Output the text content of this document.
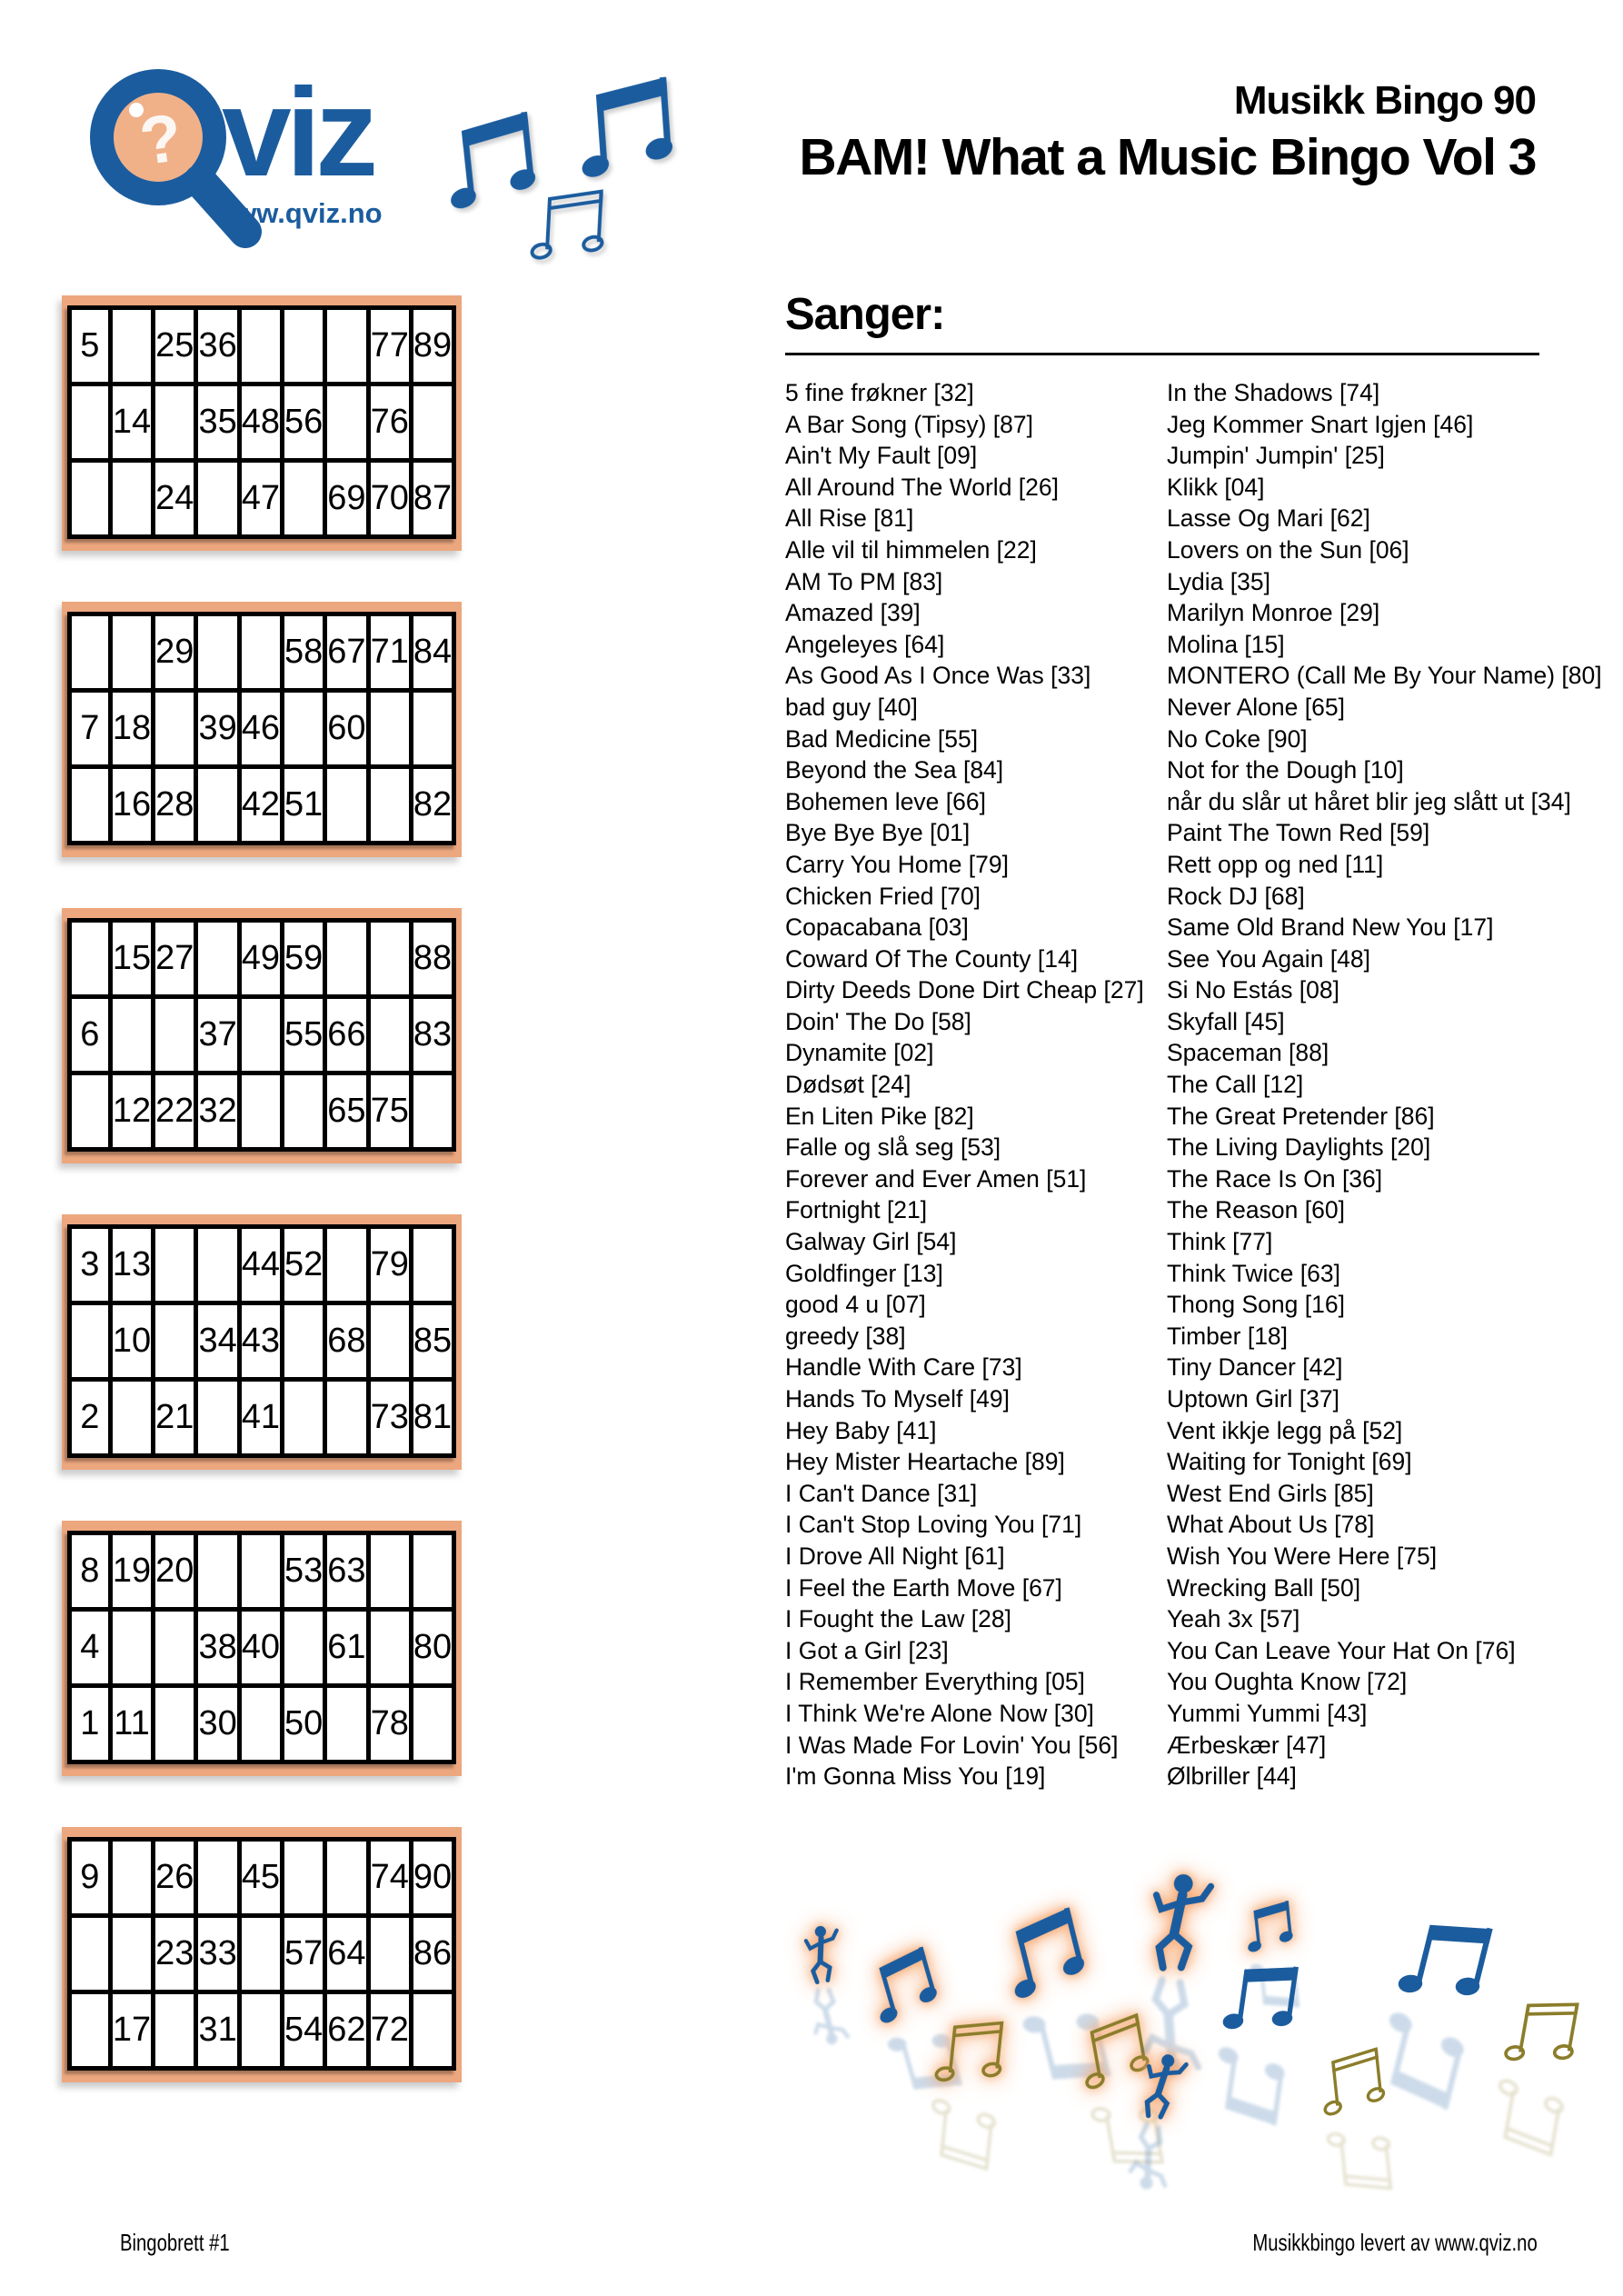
? viz
www.qviz.no
Musikk Bingo 90
BAM! What a Music Bingo Vol 3
5		25	36				77	89
	14		35	48	56		76	
		24		47		69	70	87
		29			58	67	71	84
7	18		39	46		60		
	16	28		42	51			82
	15	27		49	59			88
6			37		55	66		83
	12	22	32			65	75	
3	13			44	52		79	
	10		34	43		68		85
2		21		41			73	81
8	19	20			53	63		
4			38	40		61		80
1	11		30		50		78	
9		26		45			74	90
		23	33		57	64		86
	17		31		54	62	72	
Sanger:
5 fine frøkner [32]
A Bar Song (Tipsy) [87]
Ain't My Fault [09]
All Around The World [26]
All Rise [81]
Alle vil til himmelen [22]
AM To PM [83]
Amazed [39]
Angeleyes [64]
As Good As I Once Was [33]
bad guy [40]
Bad Medicine [55]
Beyond the Sea [84]
Bohemen leve [66]
Bye Bye Bye [01]
Carry You Home [79]
Chicken Fried [70]
Copacabana [03]
Coward Of The County [14]
Dirty Deeds Done Dirt Cheap [27]
Doin' The Do [58]
Dynamite [02]
Dødsøt [24]
En Liten Pike [82]
Falle og slå seg [53]
Forever and Ever Amen [51]
Fortnight [21]
Galway Girl [54]
Goldfinger [13]
good 4 u [07]
greedy [38]
Handle With Care [73]
Hands To Myself [49]
Hey Baby [41]
Hey Mister Heartache [89]
I Can't Dance [31]
I Can't Stop Loving You [71]
I Drove All Night [61]
I Feel the Earth Move [67]
I Fought the Law [28]
I Got a Girl [23]
I Remember Everything [05]
I Think We're Alone Now [30]
I Was Made For Lovin' You [56]
I'm Gonna Miss You [19]
In the Shadows [74]
Jeg Kommer Snart Igjen [46]
Jumpin' Jumpin' [25]
Klikk [04]
Lasse Og Mari [62]
Lovers on the Sun [06]
Lydia [35]
Marilyn Monroe [29]
Molina [15]
MONTERO (Call Me By Your Name) [80]
Never Alone [65]
No Coke [90]
Not for the Dough [10]
når du slår ut håret blir jeg slått ut [34]
Paint The Town Red [59]
Rett opp og ned [11]
Rock DJ [68]
Same Old Brand New You [17]
See You Again [48]
Si No Estás [08]
Skyfall [45]
Spaceman [88]
The Call [12]
The Great Pretender [86]
The Living Daylights [20]
The Race Is On [36]
The Reason [60]
Think [77]
Think Twice [63]
Thong Song [16]
Timber [18]
Tiny Dancer [42]
Uptown Girl [37]
Vent ikkje legg på [52]
Waiting for Tonight [69]
West End Girls [85]
What About Us [78]
Wish You Were Here [75]
Wrecking Ball [50]
Yeah 3x [57]
You Can Leave Your Hat On [76]
You Oughta Know [72]
Yummi Yummi [43]
Ærbeskær [47]
Ølbriller [44]
Bingobrett #1	Musikkbingo levert av www.qviz.no
